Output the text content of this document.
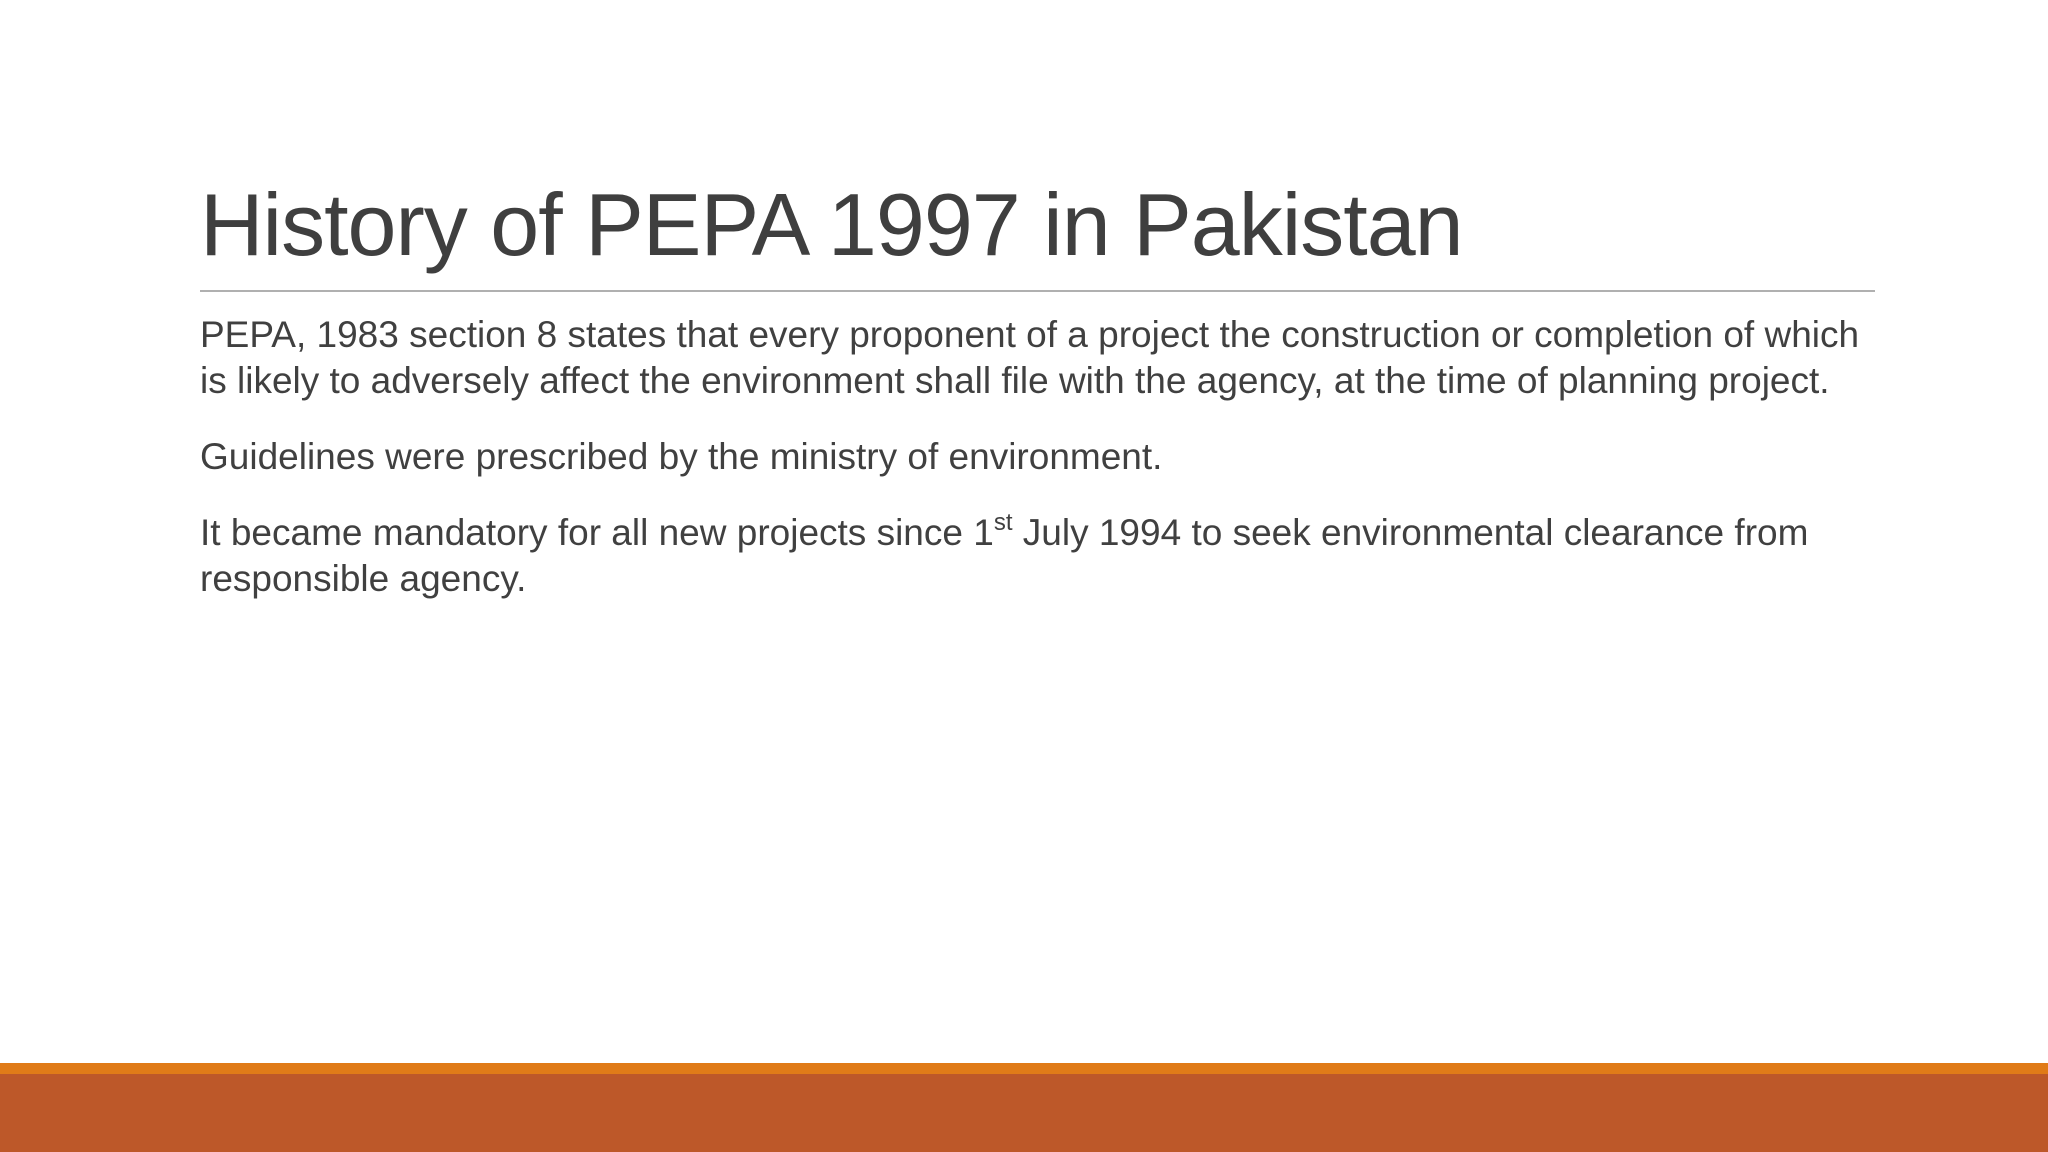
History of PEPA 1997 in Pakistan

PEPA, 1983 section 8 states that every proponent of a project the construction or completion of which is likely to adversely affect the environment shall file with the agency, at the time of planning project.

Guidelines were prescribed by the ministry of environment.

It became mandatory for all new projects since 1st July 1994 to seek environmental clearance from responsible agency.
